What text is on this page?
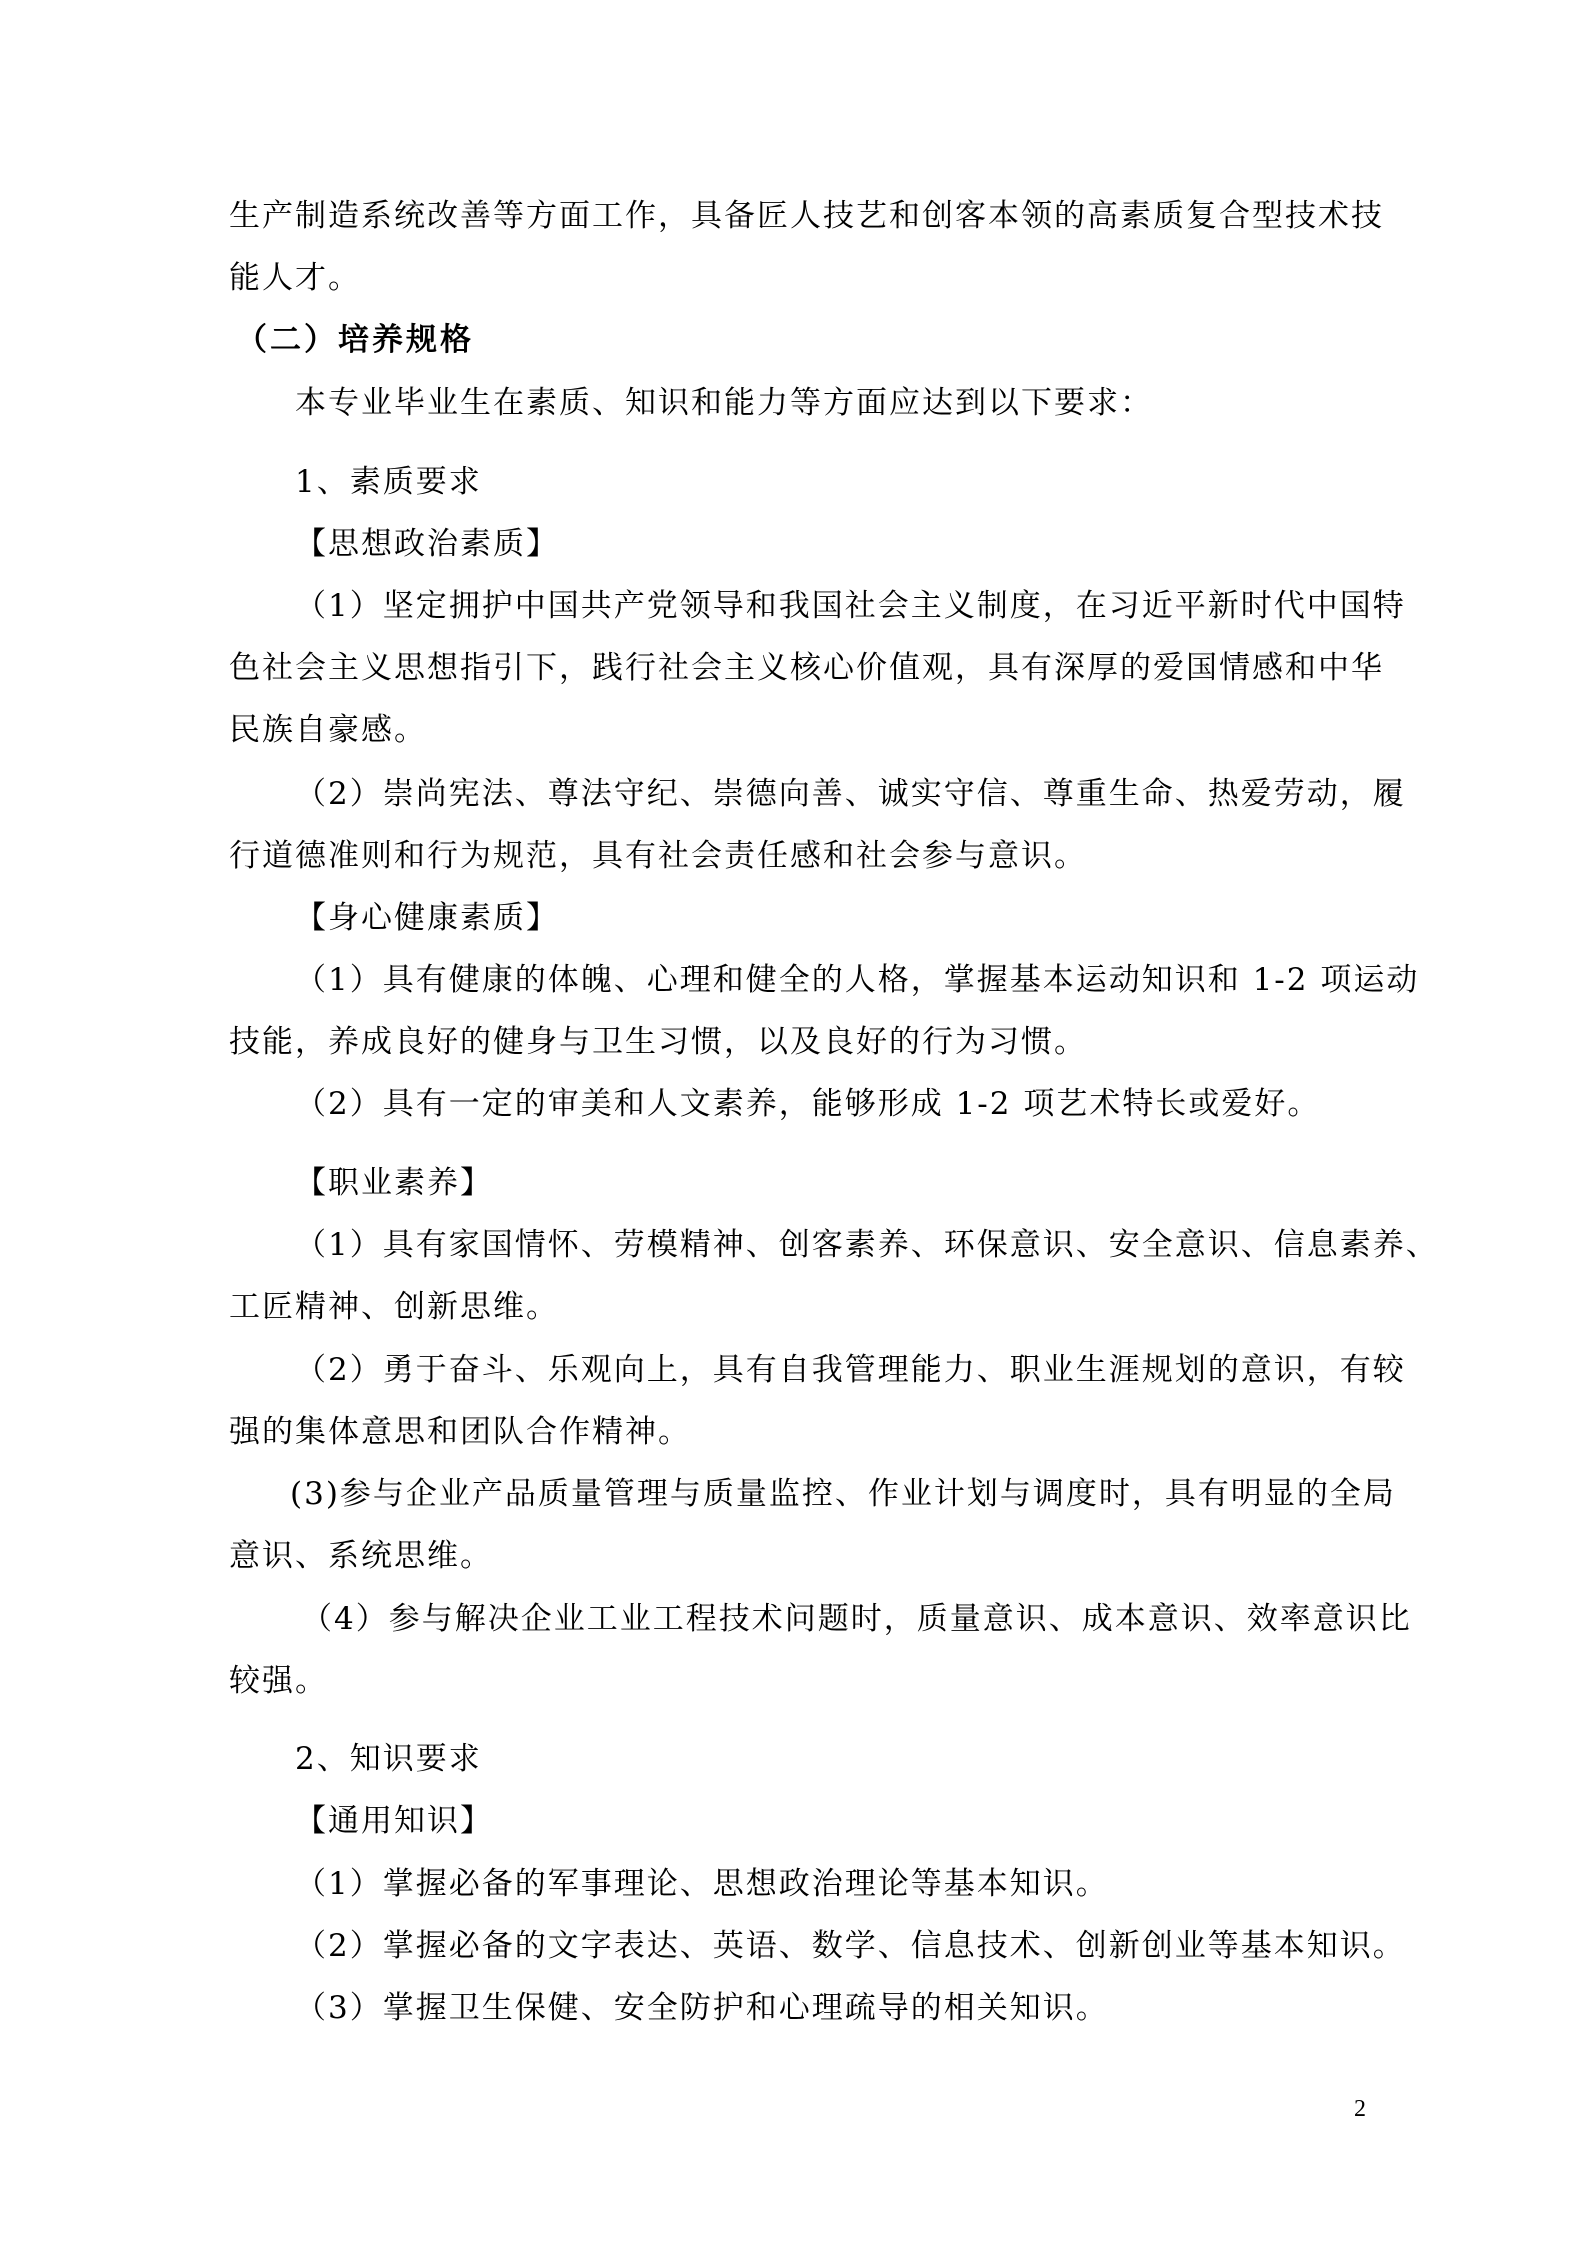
生产制造系统改善等方面工作，具备匠人技艺和创客本领的高素质复合型技术技

能人才。

（二）培养规格

本专业毕业生在素质、知识和能力等方面应达到以下要求：

1、素质要求

【思想政治素质】

（1）坚定拥护中国共产党领导和我国社会主义制度，在习近平新时代中国特

色社会主义思想指引下，践行社会主义核心价值观，具有深厚的爱国情感和中华

民族自豪感。

（2）崇尚宪法、尊法守纪、崇德向善、诚实守信、尊重生命、热爱劳动，履

行道德准则和行为规范，具有社会责任感和社会参与意识。

【身心健康素质】

（1）具有健康的体魄、心理和健全的人格，掌握基本运动知识和 1-2 项运动

技能，养成良好的健身与卫生习惯，以及良好的行为习惯。

（2）具有一定的审美和人文素养，能够形成 1-2 项艺术特长或爱好。

【职业素养】

（1）具有家国情怀、劳模精神、创客素养、环保意识、安全意识、信息素养、

工匠精神、创新思维。

（2）勇于奋斗、乐观向上，具有自我管理能力、职业生涯规划的意识，有较

强的集体意思和团队合作精神。

(3)参与企业产品质量管理与质量监控、作业计划与调度时，具有明显的全局

意识、系统思维。

（4）参与解决企业工业工程技术问题时，质量意识、成本意识、效率意识比

较强。

2、知识要求

【通用知识】

（1）掌握必备的军事理论、思想政治理论等基本知识。

（2）掌握必备的文字表达、英语、数学、信息技术、创新创业等基本知识。

（3）掌握卫生保健、安全防护和心理疏导的相关知识。

2
